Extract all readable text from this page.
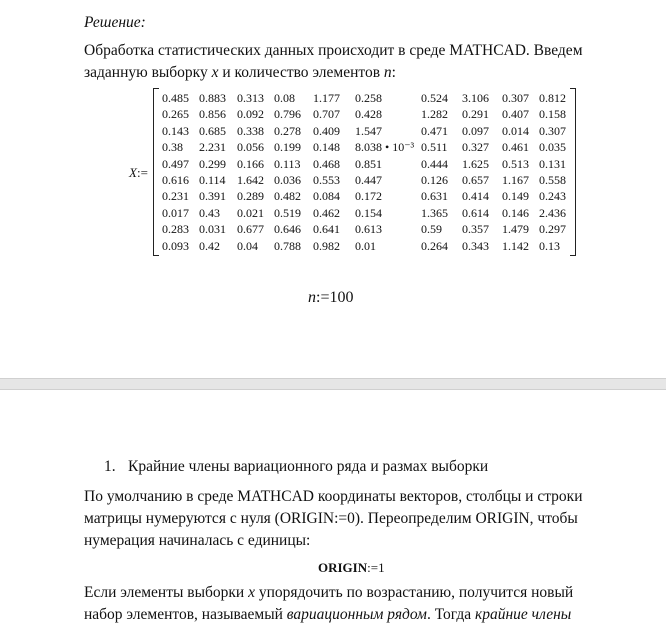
Решение:
Обработка статистических данных происходит в среде MATHCAD. Введем
заданную выборку x и количество элементов n:
X:=
0.485 0.883 0.313 0.08 1.177 0.258	0.524 3.106 0.307 0.812
0.265 0.856 0.092 0.796 0.707 0.428	1.282 0.291 0.407 0.158
0.143 0.685 0.338 0.278 0.409 1.547	0.471 0.097 0.014 0.307
0.38 2.231 0.056 0.199 0.148 8.038 • 10⁻³ 0.511 0.327 0.461 0.035
0.497 0.299 0.166 0.113 0.468 0.851	0.444 1.625 0.513 0.131
0.616 0.114 1.642 0.036 0.553 0.447	0.126 0.657 1.167 0.558
0.231 0.391 0.289 0.482 0.084 0.172	0.631 0.414 0.149 0.243
0.017 0.43 0.021 0.519 0.462 0.154	1.365 0.614 0.146 2.436
0.283 0.031 0.677 0.646 0.641 0.613	0.59 0.357 1.479 0.297
0.093 0.42 0.04 0.788 0.982 0.01	0.264 0.343 1.142 0.13
n:=100
1. Крайние члены вариационного ряда и размах выборки
По умолчанию в среде MATHCAD координаты векторов, столбцы и строки
матрицы нумеруются с нуля (ORIGIN:=0). Переопределим ORIGIN, чтобы
нумерация начиналась с единицы:
ORIGIN:=1
Если элементы выборки x упорядочить по возрастанию, получится новый
набор элементов, называемый вариационным рядом. Тогда крайние члены
